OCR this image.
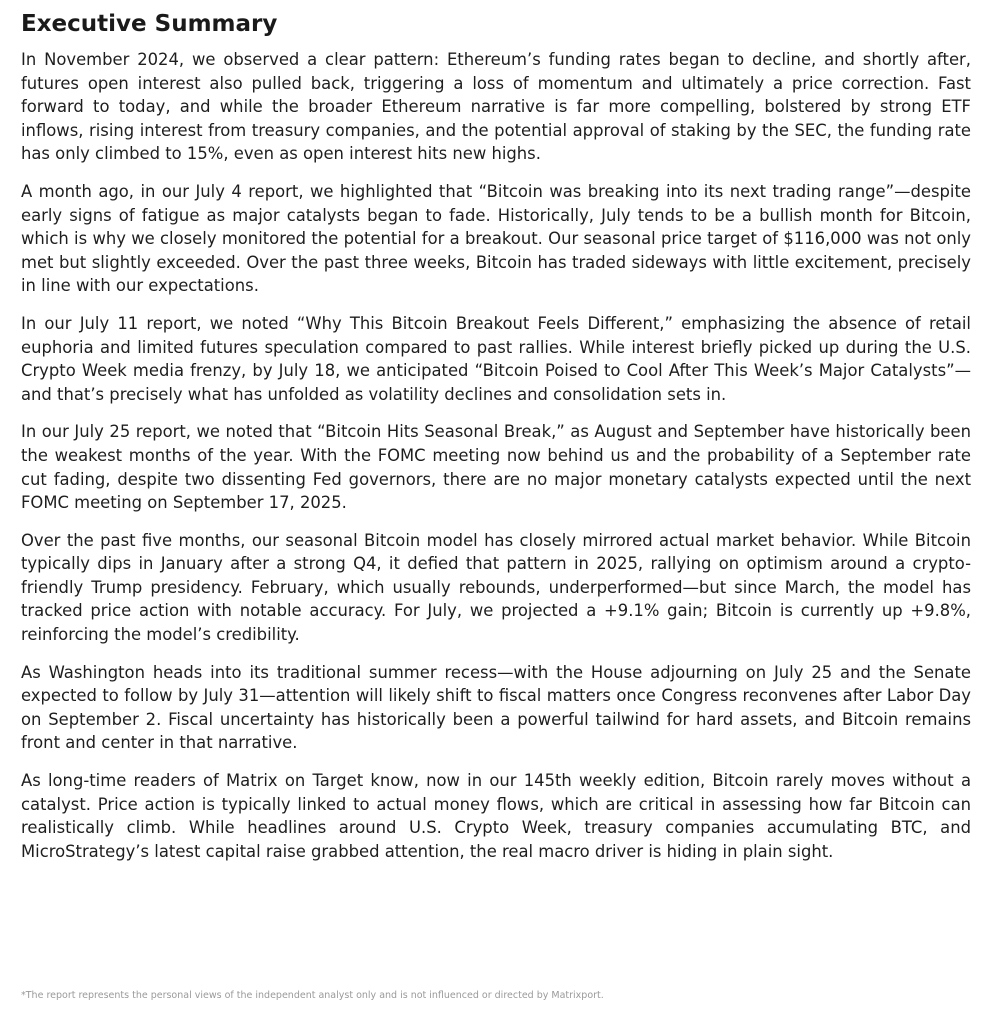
Executive Summary

In November 2024, we observed a clear pattern: Ethereum’s funding rates began to decline, and shortly after, futures open interest also pulled back, triggering a loss of momentum and ultimately a price correction. Fast forward to today, and while the broader Ethereum narrative is far more compelling, bolstered by strong ETF inflows, rising interest from treasury companies, and the potential approval of staking by the SEC, the funding rate has only climbed to 15%, even as open interest hits new highs.

A month ago, in our July 4 report, we highlighted that “Bitcoin was breaking into its next trading range”—despite early signs of fatigue as major catalysts began to fade. Historically, July tends to be a bullish month for Bitcoin, which is why we closely monitored the potential for a breakout. Our seasonal price target of $116,000 was not only met but slightly exceeded. Over the past three weeks, Bitcoin has traded sideways with little excitement, precisely in line with our expectations.

In our July 11 report, we noted “Why This Bitcoin Breakout Feels Different,” emphasizing the absence of retail euphoria and limited futures speculation compared to past rallies. While interest briefly picked up during the U.S. Crypto Week media frenzy, by July 18, we anticipated “Bitcoin Poised to Cool After This Week’s Major Catalysts”—and that’s precisely what has unfolded as volatility declines and consolidation sets in.

In our July 25 report, we noted that “Bitcoin Hits Seasonal Break,” as August and September have historically been the weakest months of the year. With the FOMC meeting now behind us and the probability of a September rate cut fading, despite two dissenting Fed governors, there are no major monetary catalysts expected until the next FOMC meeting on September 17, 2025.

Over the past five months, our seasonal Bitcoin model has closely mirrored actual market behavior. While Bitcoin typically dips in January after a strong Q4, it defied that pattern in 2025, rallying on optimism around a crypto-friendly Trump presidency. February, which usually rebounds, underperformed—but since March, the model has tracked price action with notable accuracy. For July, we projected a +9.1% gain; Bitcoin is currently up +9.8%, reinforcing the model’s credibility.

As Washington heads into its traditional summer recess—with the House adjourning on July 25 and the Senate expected to follow by July 31—attention will likely shift to fiscal matters once Congress reconvenes after Labor Day on September 2. Fiscal uncertainty has historically been a powerful tailwind for hard assets, and Bitcoin remains front and center in that narrative.

As long-time readers of Matrix on Target know, now in our 145th weekly edition, Bitcoin rarely moves without a catalyst. Price action is typically linked to actual money flows, which are critical in assessing how far Bitcoin can realistically climb. While headlines around U.S. Crypto Week, treasury companies accumulating BTC, and MicroStrategy’s latest capital raise grabbed attention, the real macro driver is hiding in plain sight.

*The report represents the personal views of the independent analyst only and is not influenced or directed by Matrixport.
